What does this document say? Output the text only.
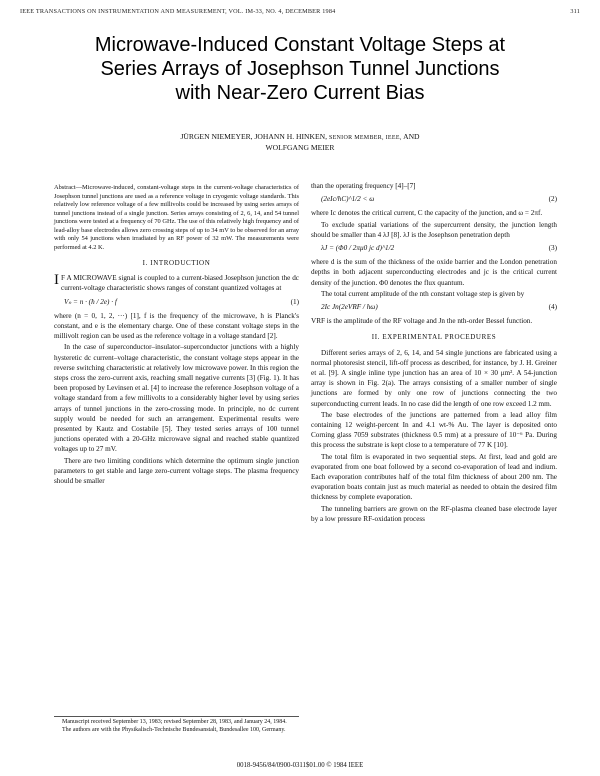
IEEE TRANSACTIONS ON INSTRUMENTATION AND MEASUREMENT, VOL. IM-33, NO. 4, DECEMBER 1984	311
Microwave-Induced Constant Voltage Steps at
Series Arrays of Josephson Tunnel Junctions
with Near-Zero Current Bias
JÜRGEN NIEMEYER, JOHANN H. HINKEN, SENIOR MEMBER, IEEE, AND
WOLFGANG MEIER

Abstract—Microwave-induced, constant-voltage steps in the current-voltage characteristics of Josephson tunnel junctions are used as a reference voltage in cryogenic voltage standards. This relatively low reference voltage of a few millivolts could be increased by using series arrays of tunnel junctions instead of a single junction. Series arrays consisting of 2, 6, 14, and 54 tunnel junctions were tested at a frequency of 70 GHz. The use of this relatively high frequency and of lead-alloy base electrodes allows zero crossing steps of up to 34 mV to be observed for an array with only 54 junctions when irradiated by an RF power of 32 mW. The measurements were performed at 4.2 K.

I. INTRODUCTION

IF A MICROWAVE signal is coupled to a current-biased Josephson junction the dc current-voltage characteristic shows ranges of constant quantized voltages at

Vₙ = n · (ħ / 2e) · f	(1)

where (n = 0, 1, 2, ···) [1], f is the frequency of the microwave, h is Planck's constant, and e is the elementary charge. One of these constant voltage steps in the millivolt region can be used as the reference voltage in a voltage standard [2].

In the case of superconductor–insulator–superconductor junctions with a highly hysteretic dc current–voltage characteristic, the constant voltage steps appear in the reverse switching characteristic at relatively low microwave power. In this region the steps cross the zero-current axis, reaching small negative currents [3] (Fig. 1). It has been proposed by Levinsen et al. [4] to increase the reference Josephson voltage of a voltage standard from a few millivolts to a considerably higher level by using series arrays of tunnel junctions in the zero-crossing mode. In principle, no dc current supply would be needed for such an arrangement. Experimental results were presented by Kautz and Costabile [5]. They tested series arrays of 100 tunnel junctions operated with a 20-GHz microwave signal and reached stable quantized voltages up to 27 mV.

There are two limiting conditions which determine the optimum single junction parameters to get stable and large zero-current voltage steps. The plasma frequency should be smaller

Manuscript received September 13, 1983; revised September 28, 1983, and January 24, 1984.

The authors are with the Physikalisch-Technische Bundesanstalt, Bundesallee 100, Germany.

than the operating frequency [4]–[7]

(2eIc/ħC)^1/2 < ω	(2)

where Ic denotes the critical current, C the capacity of the junction, and ω = 2πf.

To exclude spatial variations of the supercurrent density, the junction length should be smaller than 4 λJ [8]. λJ is the Josephson penetration depth

λJ = (Φ0 / 2πμ0 jc d)^1/2	(3)

where d is the sum of the thickness of the oxide barrier and the London penetration depths in both adjacent superconducting electrodes and jc is the critical current density of the junction. Φ0 denotes the flux quantum.

The total current amplitude of the nth constant voltage step is given by

2Ic Jn(2eVRF / ħω)	(4)

VRF is the amplitude of the RF voltage and Jn the nth-order Bessel function.

II. EXPERIMENTAL PROCEDURES

Different series arrays of 2, 6, 14, and 54 single junctions are fabricated using a normal photoresist stencil, lift-off process as described, for instance, by J. H. Greiner et al. [9]. A single inline type junction has an area of 10 × 30 μm². A 54-junction array is shown in Fig. 2(a). The arrays consisting of a smaller number of single junctions are formed by only one row of junctions connecting the two superconducting current leads. In no case did the length of one row exceed 1.2 mm.

The base electrodes of the junctions are patterned from a lead alloy film containing 12 weight-percent In and 4.1 wt-% Au. The layer is deposited onto Corning glass 7059 substrates (thickness 0.5 mm) at a pressure of 10⁻⁶ Pa. During this process the substrate is kept close to a temperature of 77 K [10].

The total film is evaporated in two sequential steps. At first, lead and gold are evaporated from one boat followed by a second co-evaporation of lead and indium. Each evaporation contributes half of the total film thickness of about 200 nm. The evaporation boats contain just as much material as needed to obtain the desired film thickness by complete evaporation.

The tunneling barriers are grown on the RF-plasma cleaned base electrode layer by a low pressure RF-oxidation process

0018-9456/84/0900-0311$01.00 © 1984 IEEE
